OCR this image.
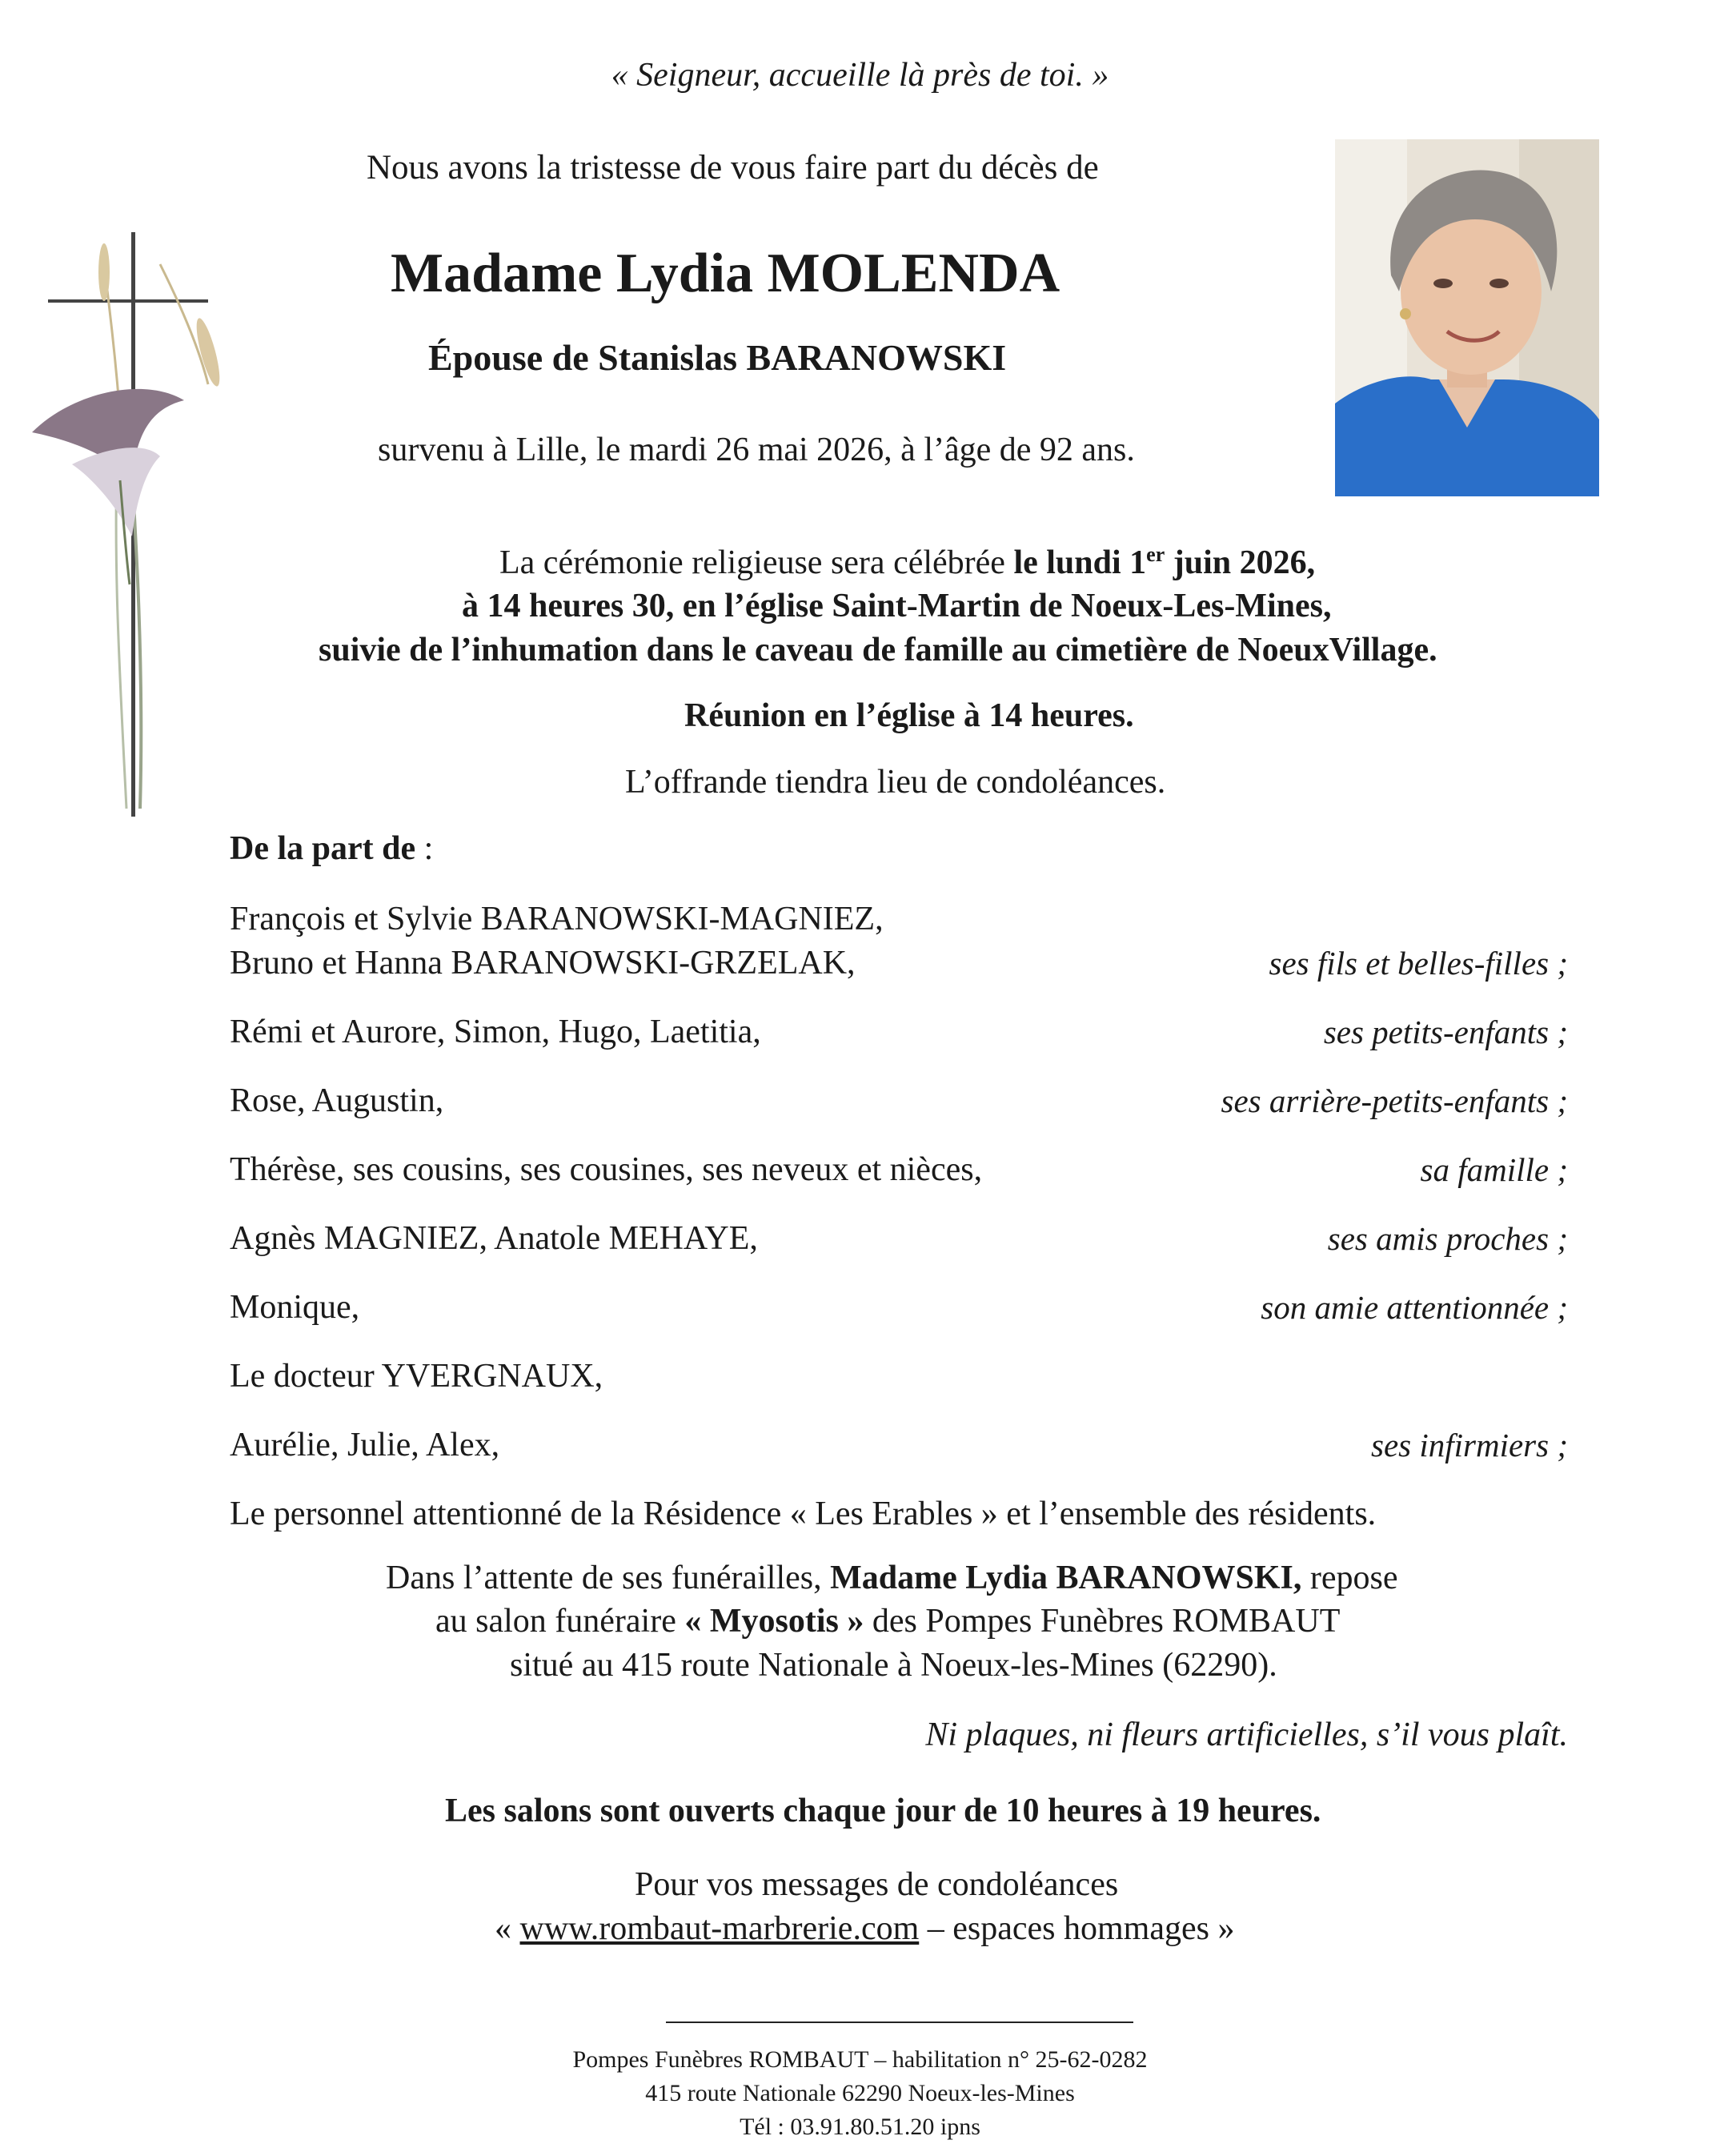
« Seigneur, accueille là près de toi. »
Nous avons la tristesse de vous faire part du décès de
Madame Lydia MOLENDA
Épouse de Stanislas BARANOWSKI
survenu à Lille, le mardi 26 mai 2026, à l’âge de 92 ans.
La cérémonie religieuse sera célébrée le lundi 1er juin 2026,
à 14 heures 30, en l’église Saint-Martin de Noeux-Les-Mines,
suivie de l’inhumation dans le caveau de famille au cimetière de NoeuxVillage.
Réunion en l’église à 14 heures.
L’offrande tiendra lieu de condoléances.
De la part de :
François et Sylvie BARANOWSKI-MAGNIEZ,
Bruno et Hanna BARANOWSKI-GRZELAK,	ses fils et belles-filles ;
Rémi et Aurore, Simon, Hugo, Laetitia,	ses petits-enfants ;
Rose, Augustin,	ses arrière-petits-enfants ;
Thérèse, ses cousins, ses cousines, ses neveux et nièces,	sa famille ;
Agnès MAGNIEZ, Anatole MEHAYE,	ses amis proches ;
Monique,	son amie attentionnée ;
Le docteur YVERGNAUX,
Aurélie, Julie, Alex,	ses infirmiers ;
Le personnel attentionné de la Résidence « Les Erables » et l’ensemble des résidents.
Dans l’attente de ses funérailles, Madame Lydia BARANOWSKI, repose
au salon funéraire « Myosotis » des Pompes Funèbres ROMBAUT
situé au 415 route Nationale à Noeux-les-Mines (62290).
Ni plaques, ni fleurs artificielles, s’il vous plaît.
Les salons sont ouverts chaque jour de 10 heures à 19 heures.
Pour vos messages de condoléances
« www.rombaut-marbrerie.com – espaces hommages »
Pompes Funèbres ROMBAUT – habilitation n° 25-62-0282
415 route Nationale 62290 Noeux-les-Mines
Tél : 03.91.80.51.20 ipns
